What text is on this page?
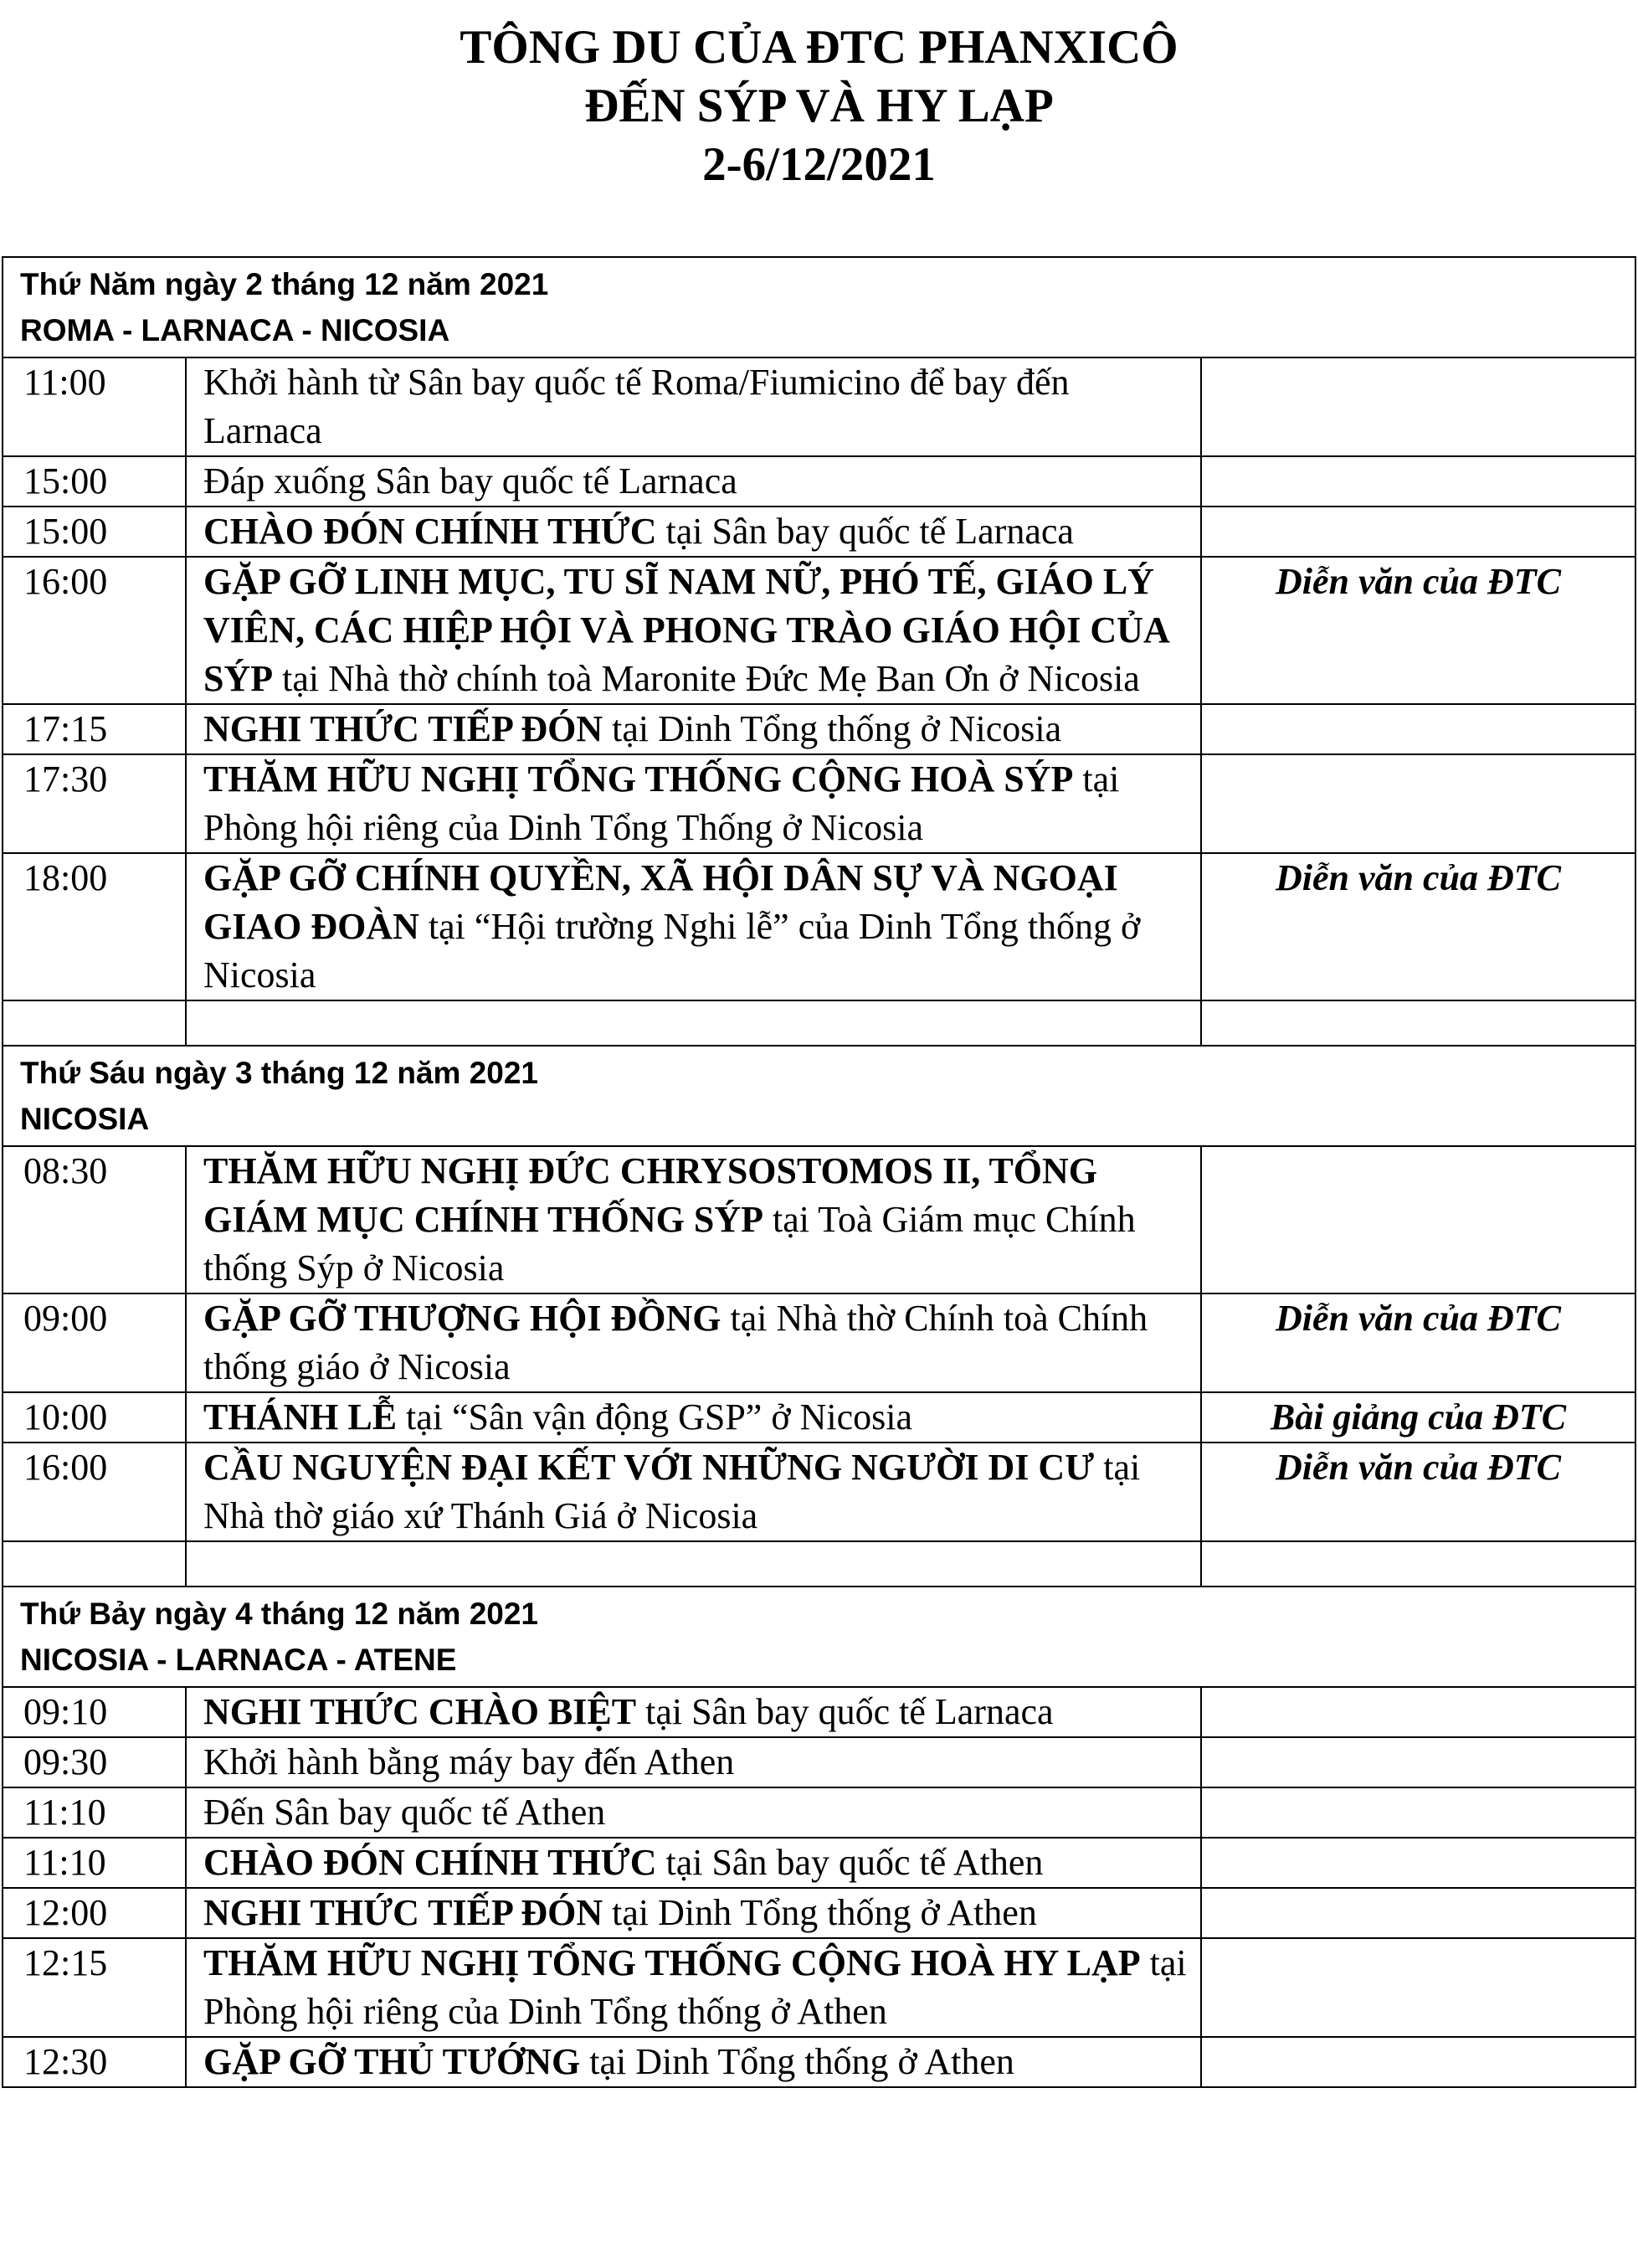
TÔNG DU CỦA ĐTC PHANXICÔ
ĐẾN SÝP VÀ HY LẠP
2-6/12/2021
Thứ Năm ngày 2 tháng 12 năm 2021
ROMA - LARNACA - NICOSIA		

11:00	Khởi hành từ Sân bay quốc tế Roma/Fiumicino để bay đến Larnaca	
15:00	Đáp xuống Sân bay quốc tế Larnaca	
15:00	CHÀO ĐÓN CHÍNH THỨC tại Sân bay quốc tế Larnaca	
16:00	GẶP GỠ LINH MỤC, TU SĨ NAM NỮ, PHÓ TẾ, GIÁO LÝ VIÊN, CÁC HIỆP HỘI VÀ PHONG TRÀO GIÁO HỘI CỦA SÝP tại Nhà thờ chính toà Maronite Đức Mẹ Ban Ơn ở Nicosia	Diễn văn của ĐTC
17:15	NGHI THỨC TIẾP ĐÓN tại Dinh Tổng thống ở Nicosia	
17:30	THĂM HỮU NGHỊ TỔNG THỐNG CỘNG HOÀ SÝP tại Phòng hội riêng của Dinh Tổng Thống ở Nicosia	
18:00	GẶP GỠ CHÍNH QUYỀN, XÃ HỘI DÂN SỰ VÀ NGOẠI GIAO ĐOÀN tại “Hội trường Nghi lễ” của Dinh Tổng thống ở Nicosia	Diễn văn của ĐTC

Thứ Sáu ngày 3 tháng 12 năm 2021
NICOSIA		

08:30	THĂM HỮU NGHỊ ĐỨC CHRYSOSTOMOS II, TỔNG GIÁM MỤC CHÍNH THỐNG SÝP tại Toà Giám mục Chính thống Sýp ở Nicosia	
09:00	GẶP GỠ THƯỢNG HỘI ĐỒNG tại Nhà thờ Chính toà Chính thống giáo ở Nicosia	Diễn văn của ĐTC
10:00	THÁNH LỄ tại “Sân vận động GSP” ở Nicosia	Bài giảng của ĐTC
16:00	CẦU NGUYỆN ĐẠI KẾT VỚI NHỮNG NGƯỜI DI CƯ tại Nhà thờ giáo xứ Thánh Giá ở Nicosia	Diễn văn của ĐTC

Thứ Bảy ngày 4 tháng 12 năm 2021
NICOSIA - LARNACA - ATENE		

09:10	NGHI THỨC CHÀO BIỆT tại Sân bay quốc tế Larnaca	
09:30	Khởi hành bằng máy bay đến Athen	
11:10	Đến Sân bay quốc tế Athen	
11:10	CHÀO ĐÓN CHÍNH THỨC tại Sân bay quốc tế Athen	
12:00	NGHI THỨC TIẾP ĐÓN tại Dinh Tổng thống ở Athen	
12:15	THĂM HỮU NGHỊ TỔNG THỐNG CỘNG HOÀ HY LẠP tại Phòng hội riêng của Dinh Tổng thống ở Athen	
12:30	GẶP GỠ THỦ TƯỚNG tại Dinh Tổng thống ở Athen	
